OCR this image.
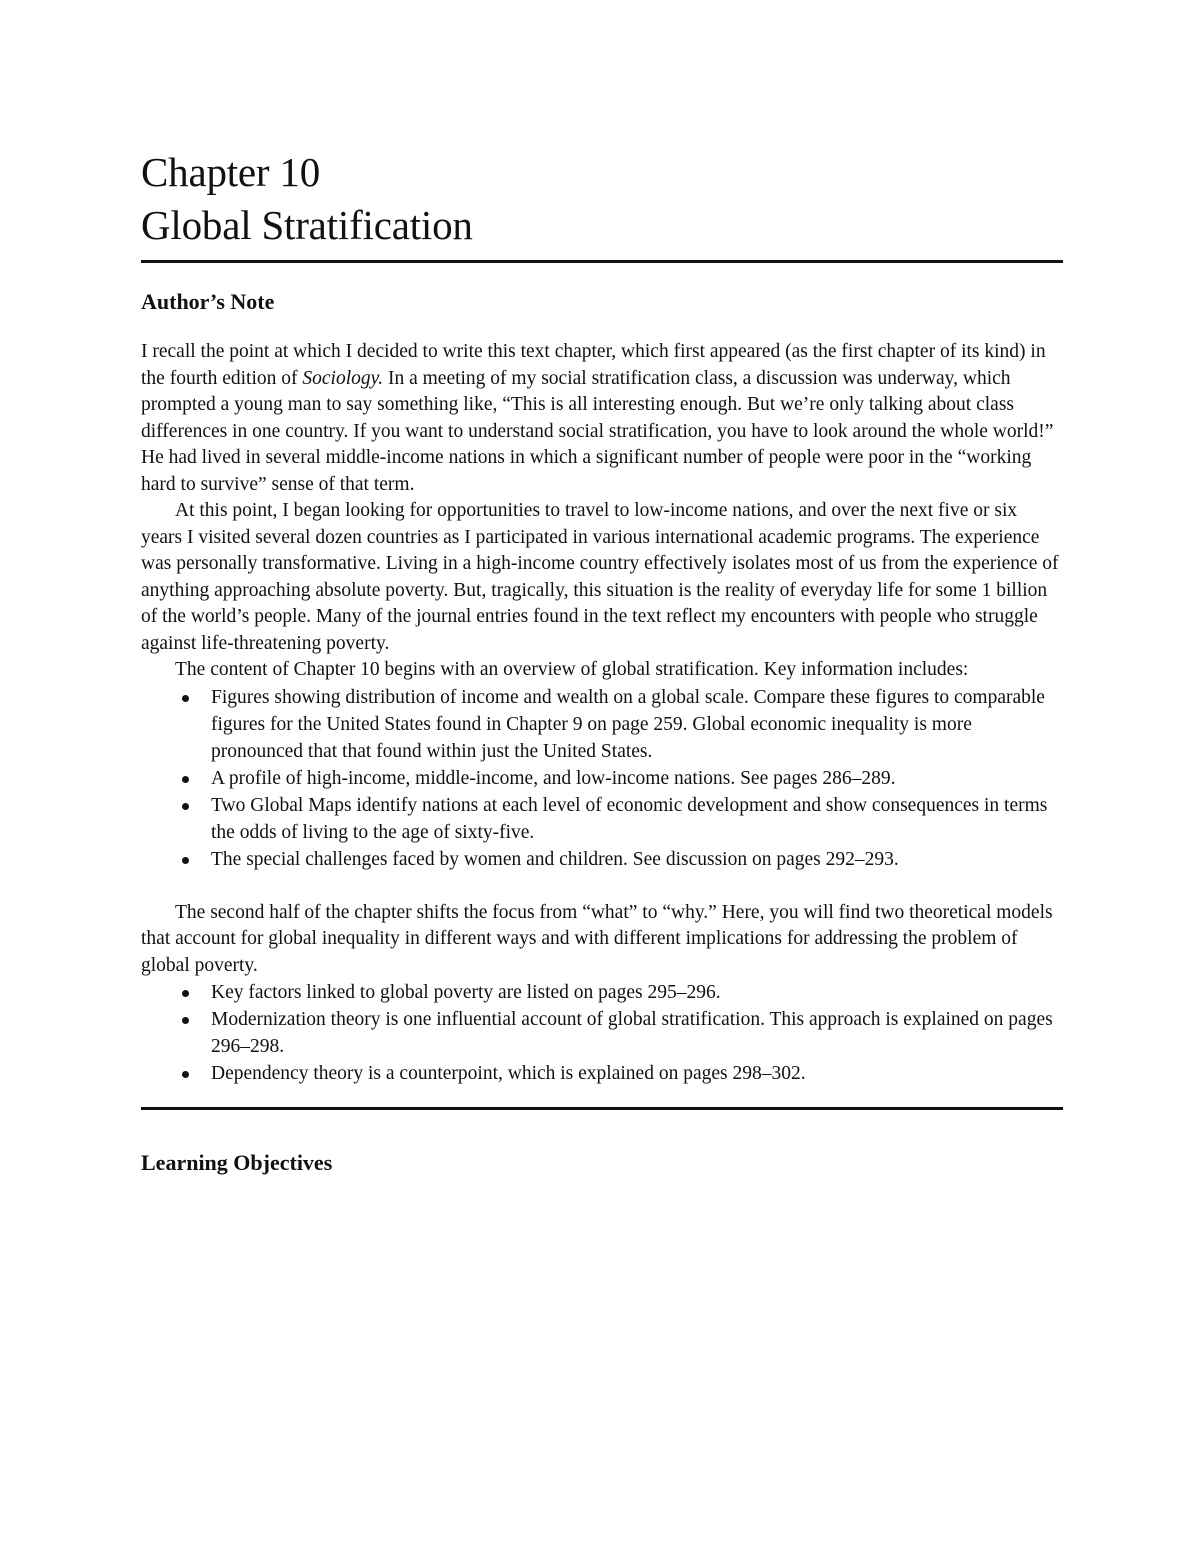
Chapter 10
Global Stratification
Author’s Note

I recall the point at which I decided to write this text chapter, which first appeared (as the first chapter of its kind) in the fourth edition of Sociology. In a meeting of my social stratification class, a discussion was underway, which prompted a young man to say something like, “This is all interesting enough. But we’re only talking about class differences in one country. If you want to understand social stratification, you have to look around the whole world!” He had lived in several middle-income nations in which a significant number of people were poor in the “working hard to survive” sense of that term.

At this point, I began looking for opportunities to travel to low-income nations, and over the next five or six years I visited several dozen countries as I participated in various international academic programs. The experience was personally transformative. Living in a high-income country effectively isolates most of us from the experience of anything approaching absolute poverty. But, tragically, this situation is the reality of everyday life for some 1 billion of the world’s people. Many of the journal entries found in the text reflect my encounters with people who struggle against life-threatening poverty.

The content of Chapter 10 begins with an overview of global stratification. Key information includes:

Figures showing distribution of income and wealth on a global scale. Compare these figures to comparable figures for the United States found in Chapter 9 on page 259. Global economic inequality is more pronounced that that found within just the United States.
A profile of high-income, middle-income, and low-income nations. See pages 286–289.
Two Global Maps identify nations at each level of economic development and show consequences in terms the odds of living to the age of sixty-five.
The special challenges faced by women and children. See discussion on pages 292–293.

The second half of the chapter shifts the focus from “what” to “why.” Here, you will find two theoretical models that account for global inequality in different ways and with different implications for addressing the problem of global poverty.

Key factors linked to global poverty are listed on pages 295–296.
Modernization theory is one influential account of global stratification. This approach is explained on pages 296–298.
Dependency theory is a counterpoint, which is explained on pages 298–302.
Learning Objectives
